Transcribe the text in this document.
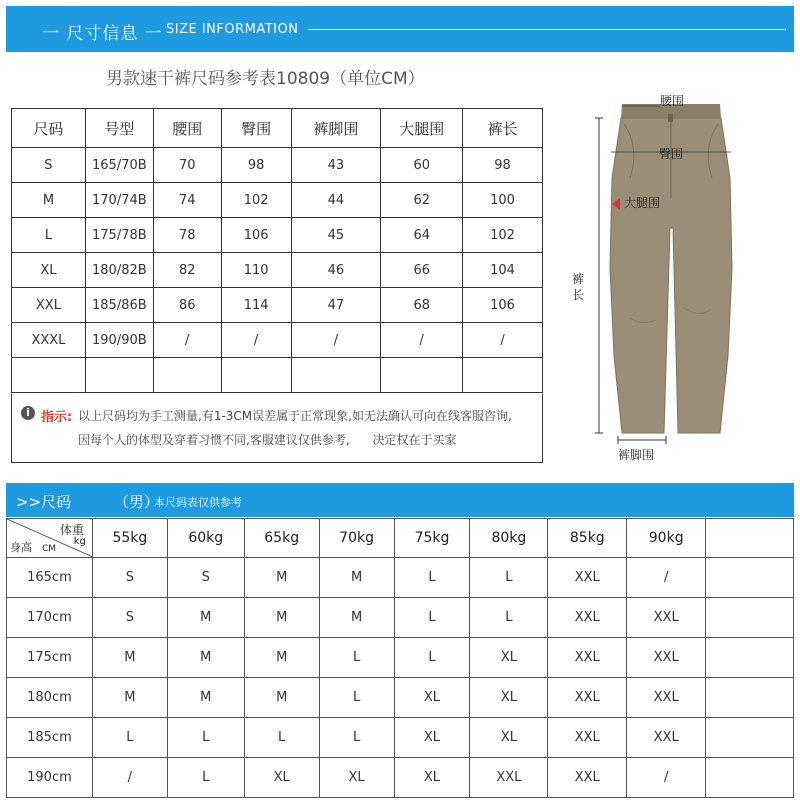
一 尺寸信息 一 SIZE INFORMATION
男款速干裤尺码参考表10809（单位CM）
尺码	号型	腰围	臀围	裤脚围	大腿围	裤长
S	165/70B	70	98	43	60	98
M	170/74B	74	102	44	62	100
L	175/78B	78	106	45	64	102
XL	180/82B	82	110	46	66	104
XXL	185/86B	86	114	47	68	106
XXXL	190/90B	/	/	/	/	/

i 指示: 以上尺码均为手工测量,有1-3CM误差属于正常现象,如无法确认可向在线客服咨询,
因每个人的体型及穿着习惯不同,客服建议仅供参考,      决定权在于买家
腰围
臀围
大腿围
裤
长
裤脚围
>>尺码	（男）
本尺码表仅供参考
体重
kg
身高 CM	55kg	60kg	65kg	70kg	75kg	80kg	85kg	90kg	
165cm	S	S	M	M	L	L	XXL	/	
170cm	S	M	M	M	L	L	XXL	XXL	
175cm	M	M	M	L	L	XL	XXL	XXL	
180cm	M	M	M	L	XL	XL	XXL	XXL	
185cm	L	L	L	L	XL	XL	XXL	XXL	
190cm	/	L	XL	XL	XL	XXL	XXL	/	
